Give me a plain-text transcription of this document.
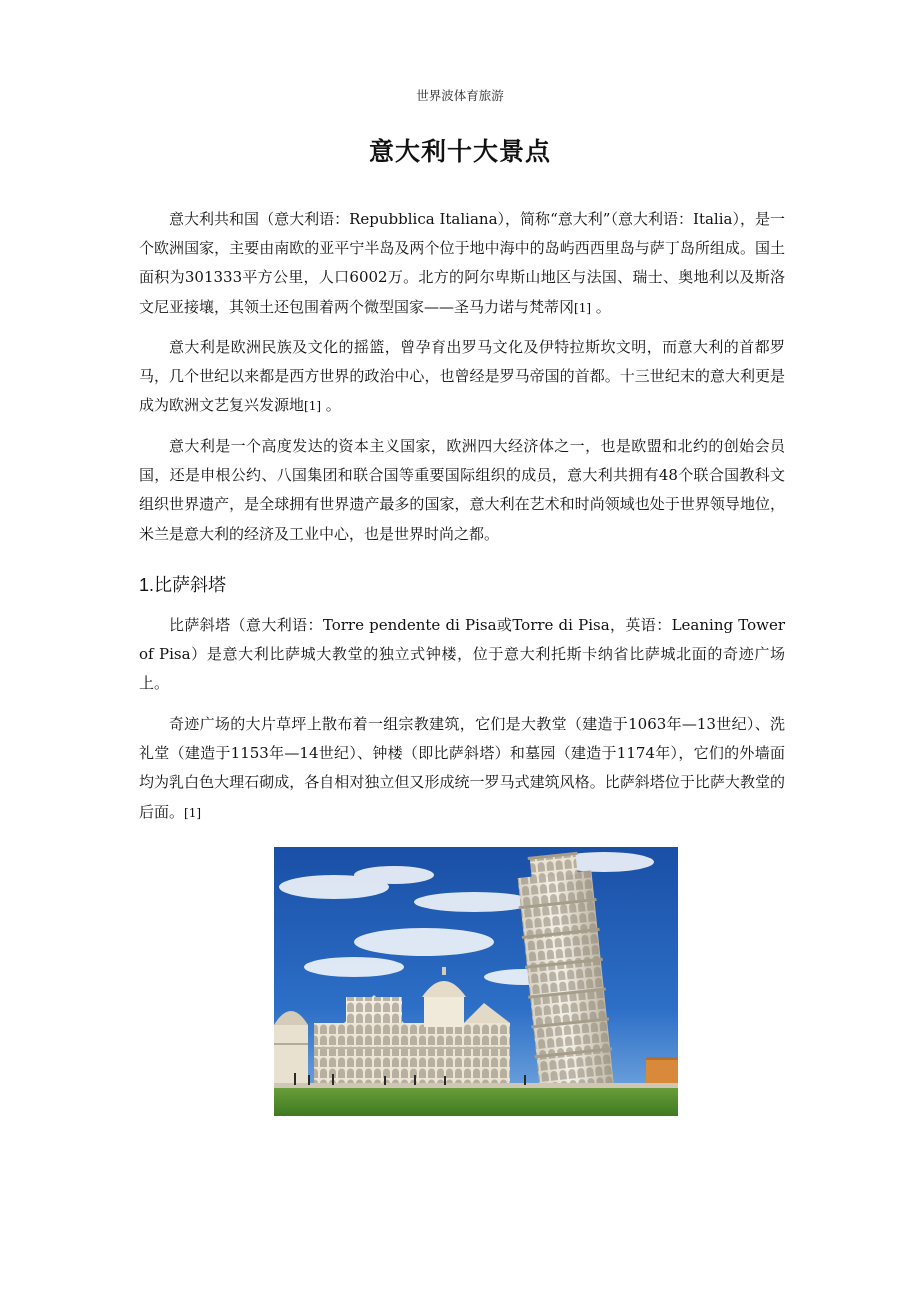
世界波体育旅游
意大利十大景点

意大利共和国（意大利语：Repubblica Italiana），简称“意大利”（意大利语：Italia），是一个欧洲国家，主要由南欧的亚平宁半岛及两个位于地中海中的岛屿西西里岛与萨丁岛所组成。国土面积为301333平方公里，人口6002万。北方的阿尔卑斯山地区与法国、瑞士、奥地利以及斯洛文尼亚接壤，其领土还包围着两个微型国家——圣马力诺与梵蒂冈[1] 。

意大利是欧洲民族及文化的摇篮，曾孕育出罗马文化及伊特拉斯坎文明，而意大利的首都罗马，几个世纪以来都是西方世界的政治中心，也曾经是罗马帝国的首都。十三世纪末的意大利更是成为欧洲文艺复兴发源地[1] 。

意大利是一个高度发达的资本主义国家，欧洲四大经济体之一，也是欧盟和北约的创始会员国，还是申根公约、八国集团和联合国等重要国际组织的成员，意大利共拥有48个联合国教科文组织世界遗产，是全球拥有世界遗产最多的国家，意大利在艺术和时尚领域也处于世界领导地位，米兰是意大利的经济及工业中心，也是世界时尚之都。

1.比萨斜塔

比萨斜塔（意大利语：Torre pendente di Pisa或Torre di Pisa，英语：Leaning Tower of Pisa）是意大利比萨城大教堂的独立式钟楼，位于意大利托斯卡纳省比萨城北面的奇迹广场上。

奇迹广场的大片草坪上散布着一组宗教建筑，它们是大教堂（建造于1063年—13世纪）、洗礼堂（建造于1153年—14世纪）、钟楼（即比萨斜塔）和墓园（建造于1174年），它们的外墙面均为乳白色大理石砌成，各自相对独立但又形成统一罗马式建筑风格。比萨斜塔位于比萨大教堂的后面。[1]
